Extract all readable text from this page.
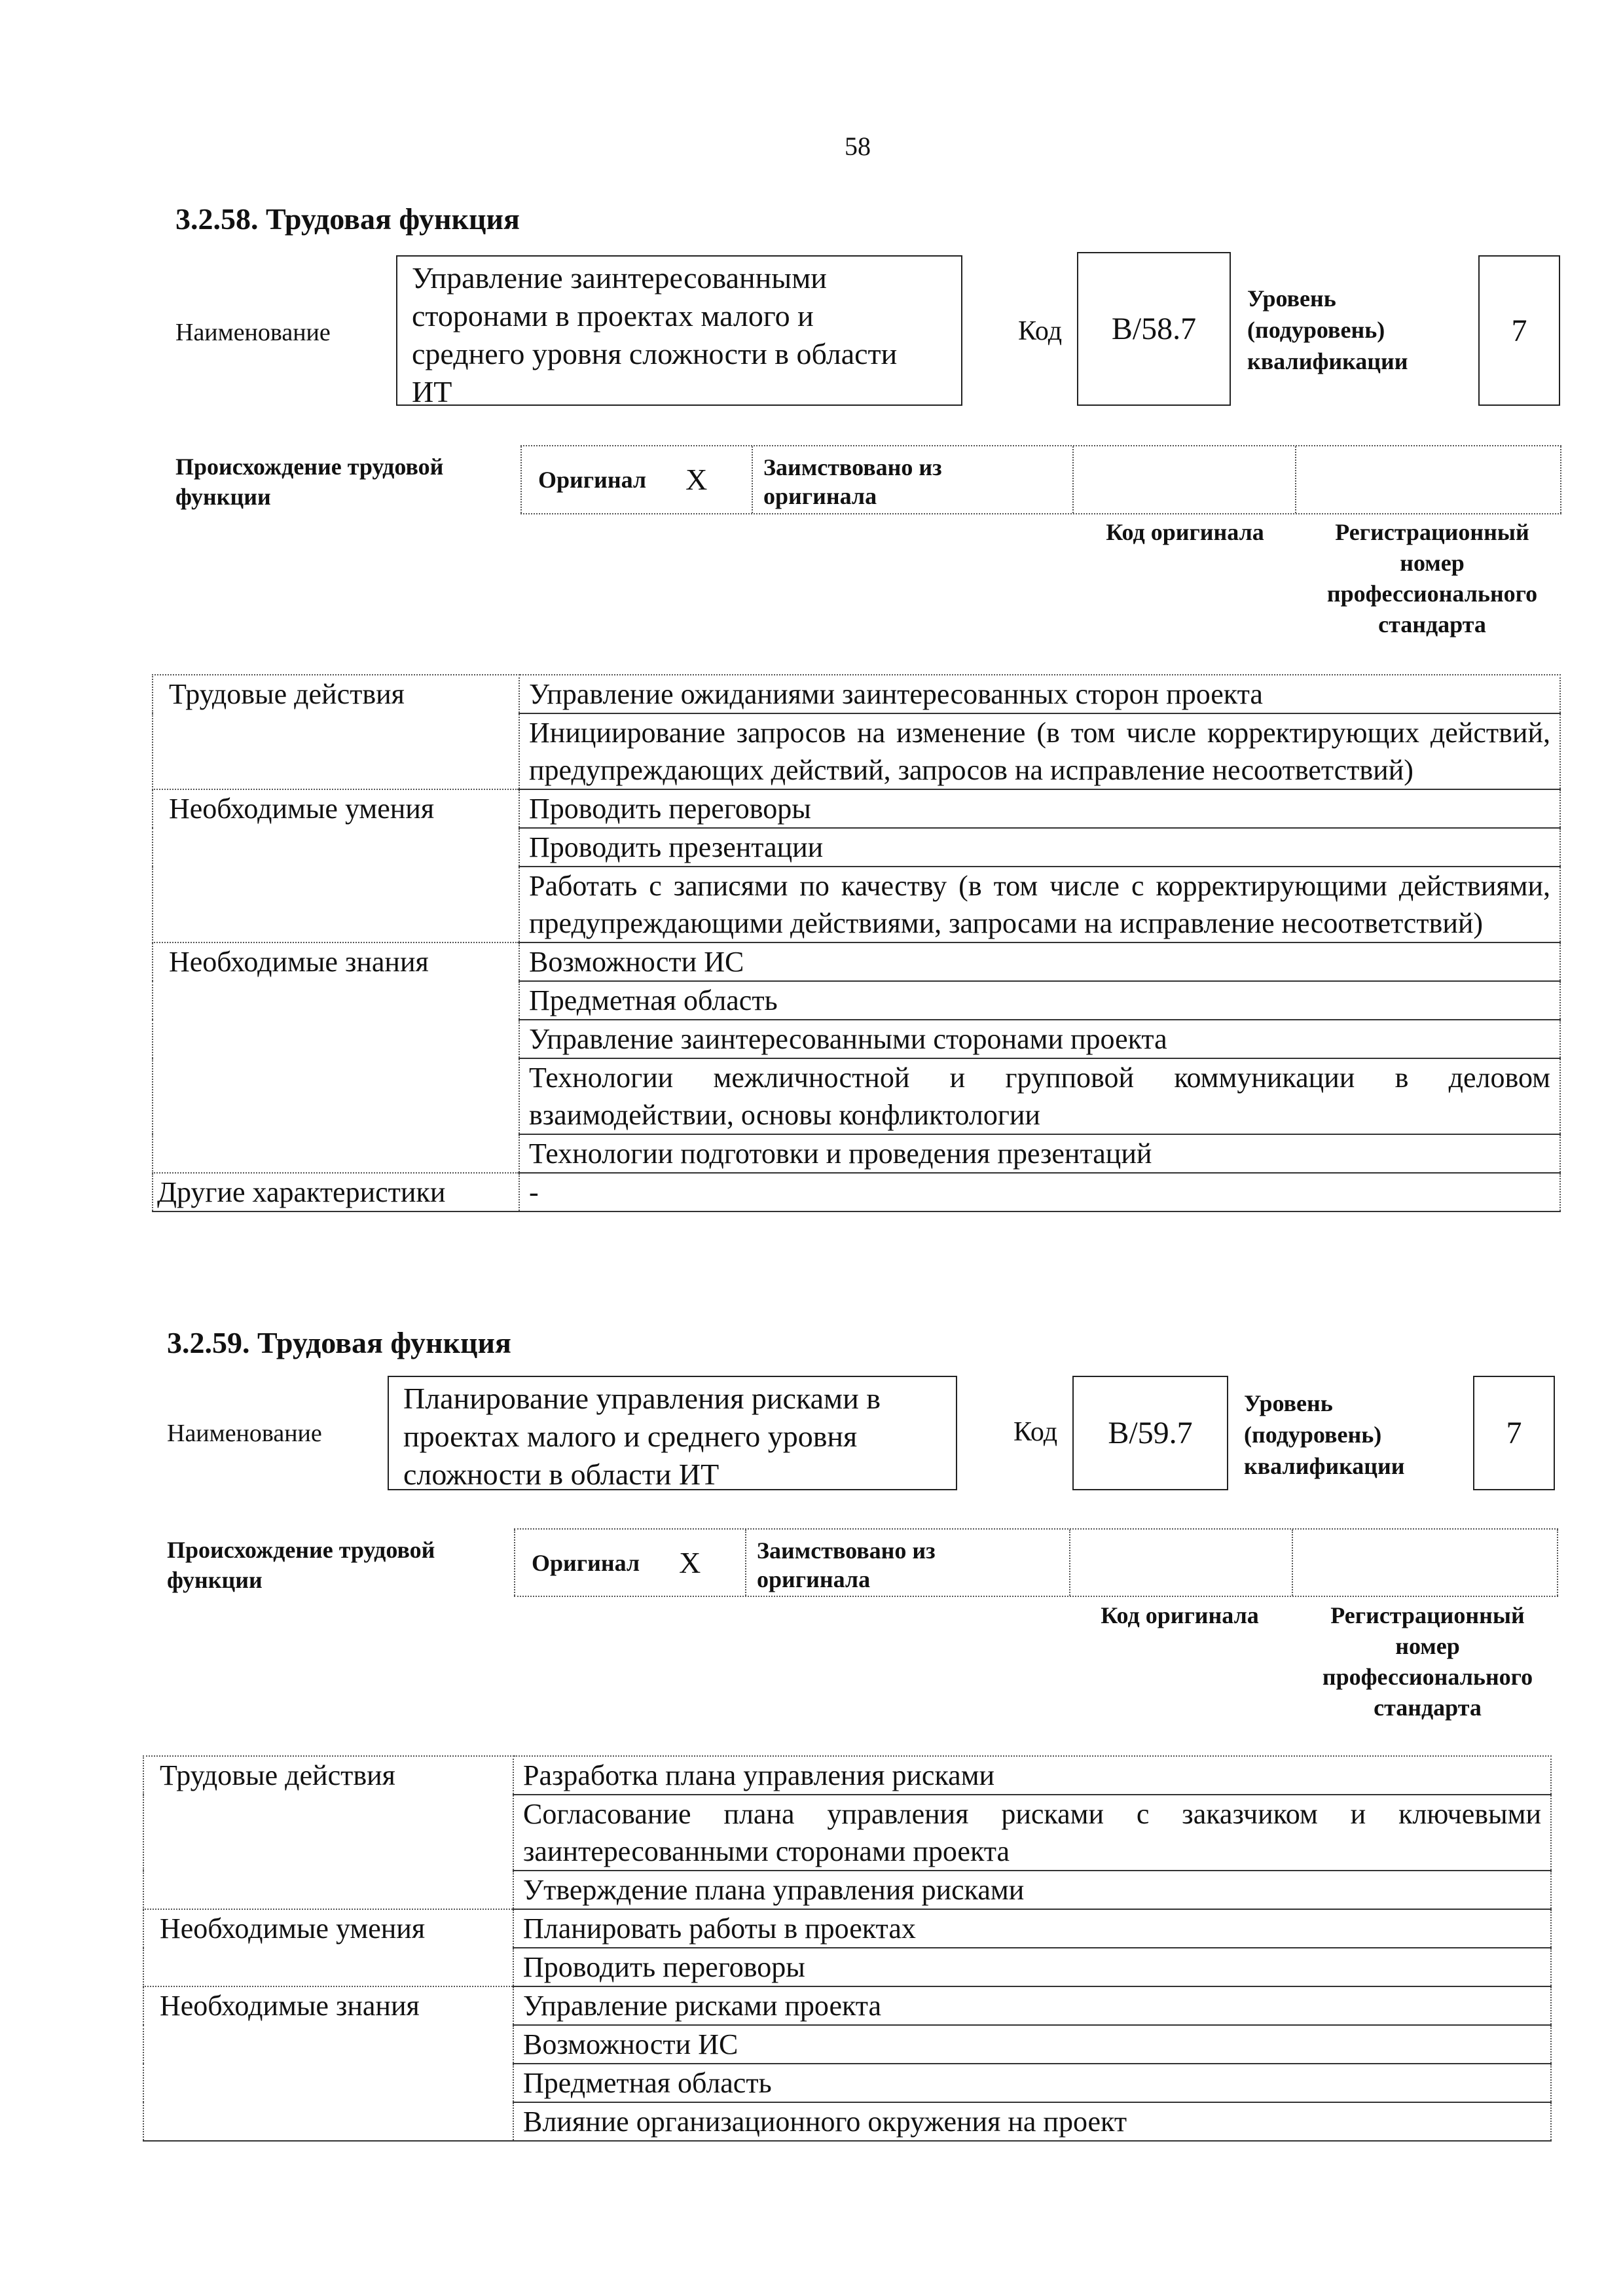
58
3.2.58. Трудовая функция
Наименование
Управление заинтересованными
сторонами в проектах малого и
среднего уровня сложности в области
ИТ
Код В/58.7
Уровень
(подуровень)
квалификации
7
Происхождение трудовой
функции
Оригинал X Заимствовано из
оригинала
Код оригинала	Регистрационный
номер
профессионального
стандарта
Трудовые действия	Управление ожиданиями заинтересованных сторон проекта
	Инициирование запросов на изменение (в том числе корректирующих действий, предупреждающих действий, запросов на исправление несоответствий)
Необходимые умения	Проводить переговоры
	Проводить презентации
	Работать с записями по качеству (в том числе с корректирующими действиями, предупреждающими действиями, запросами на исправление несоответствий)
Необходимые знания	Возможности ИС
	Предметная область
	Управление заинтересованными сторонами проекта
	Технологии межличностной и групповой коммуникации в деловом взаимодействии, основы конфликтологии
	Технологии подготовки и проведения презентаций
Другие характеристики	-
3.2.59. Трудовая функция
Наименование
Планирование управления рисками в
проектах малого и среднего уровня
сложности в области ИТ
Код В/59.7
Уровень
(подуровень)
квалификации
7
Происхождение трудовой
функции
Оригинал X Заимствовано из
оригинала
Код оригинала	Регистрационный
номер
профессионального
стандарта
Трудовые действия	Разработка плана управления рисками
	Согласование плана управления рисками с заказчиком и ключевыми заинтересованными сторонами проекта
	Утверждение плана управления рисками
Необходимые умения	Планировать работы в проектах
	Проводить переговоры
Необходимые знания	Управление рисками проекта
	Возможности ИС
	Предметная область
	Влияние организационного окружения на проект
